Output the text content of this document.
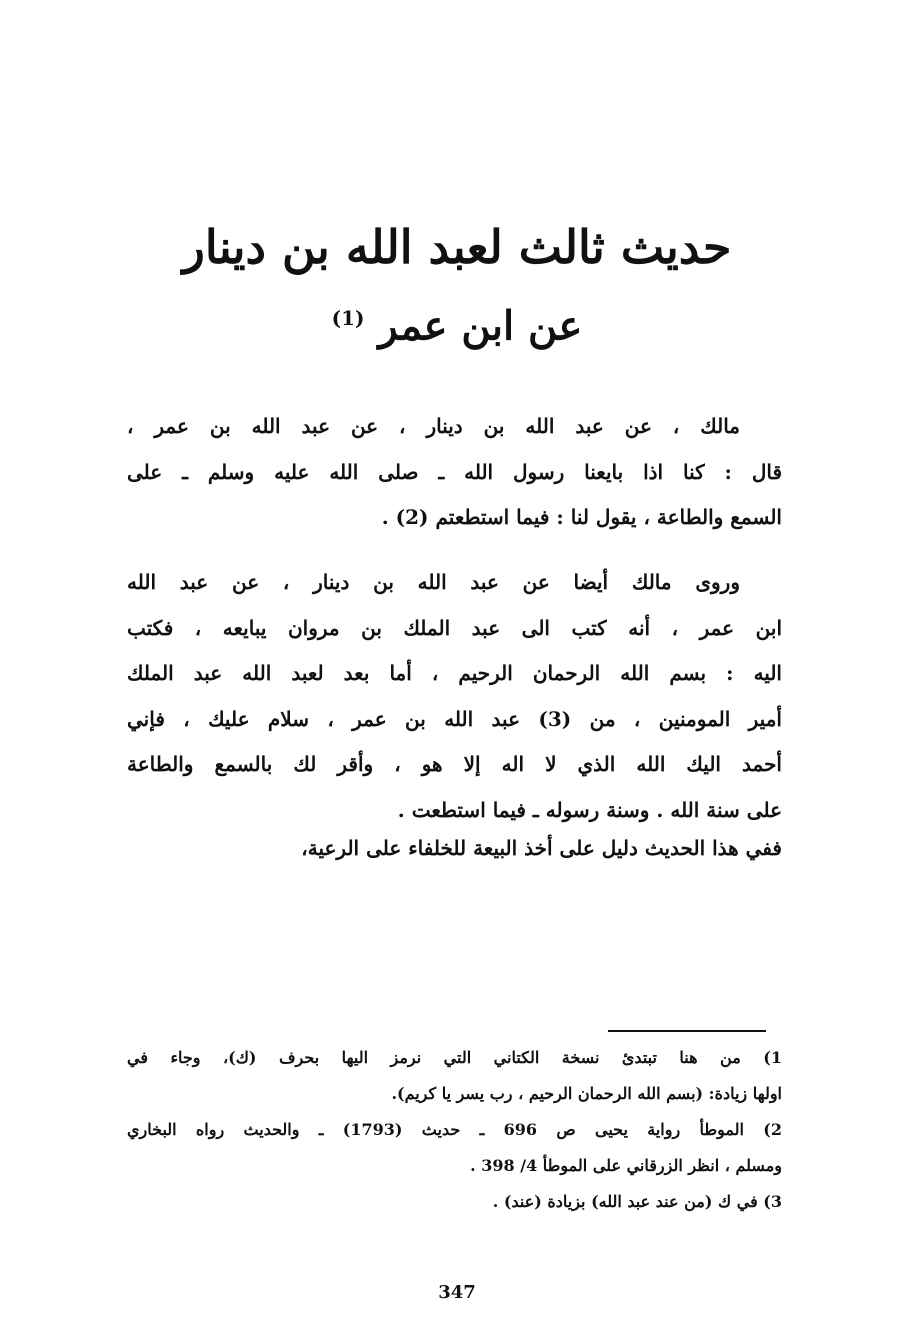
حديث ثالث لعبد الله بن دينار
عن ابن عمر $^{(1)}$
مالك ، عن عبد الله بن دينار ، عن عبد الله بن عمر ،
قال : كنا اذا بايعنا رسول الله ـ صلى الله عليه وسلم ـ على
السمع والطاعة ، يقول لنا : فيما استطعتم (2) .
وروى مالك أيضا عن عبد الله بن دينار ، عن عبد الله
ابن عمر ، أنه كتب الى عبد الملك بن مروان يبايعه ، فكتب
اليه : بسم الله الرحمان الرحيم ، أما بعد لعبد الله عبد الملك
أمير المومنين ، من (3) عبد الله بن عمر ، سلام عليك ، فإني
أحمد اليك الله الذي لا اله إلا هو ، وأقر لك بالسمع والطاعة
على سنة الله . وسنة رسوله ـ فيما استطعت .
ففي هذا الحديث دليل على أخذ البيعة للخلفاء على الرعية،
1) من هنا تبتدئ نسخة الكتاني التي نرمز اليها بحرف (ك)، وجاء في
اولها زيادة: (بسم الله الرحمان الرحيم ، رب يسر يا كريم).
2) الموطأ رواية يحيى ص 696 ـ حديث (1793) ـ والحديث رواه البخاري
ومسلم ، انظر الزرقاني على الموطأ 4/ 398 .
3) في ك (من عند عبد الله) بزيادة (عند) .
347
